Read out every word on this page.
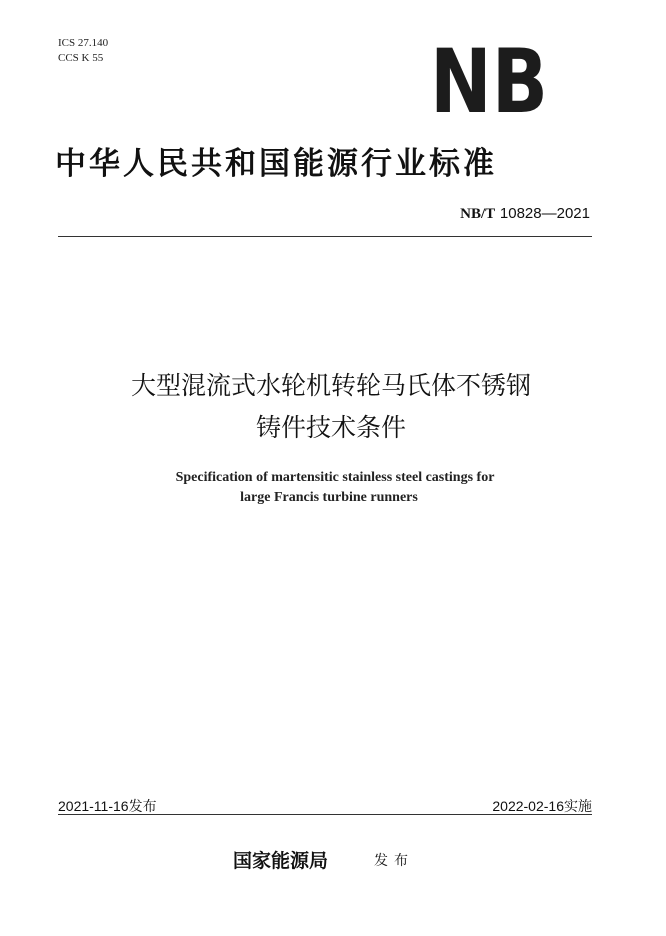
ICS 27.140
CCS K 55	NB
中华人民共和国能源行业标准
NB/T 10828—2021
大型混流式水轮机转轮马氏体不锈钢
铸件技术条件
Specification of martensitic stainless steel castings for
large Francis turbine runners
2021-11-16发布	2022-02-16实施
国家能源局	发布
